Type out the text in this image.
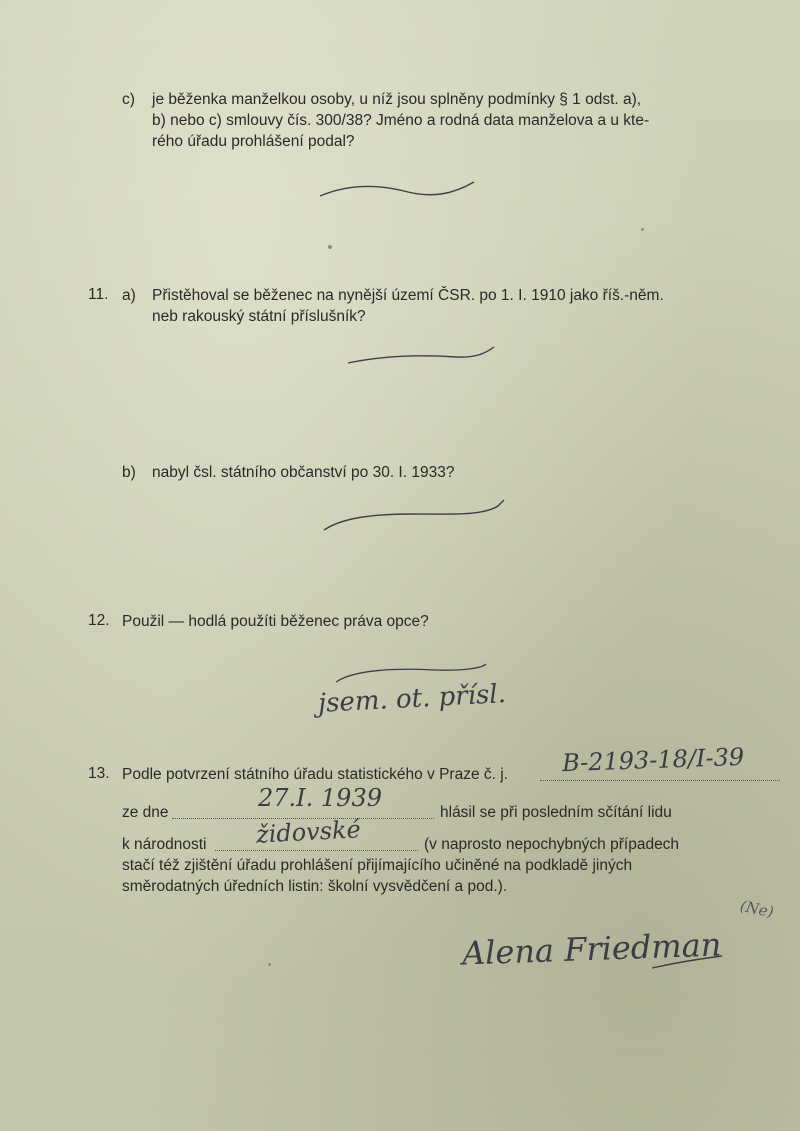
c) je běženka manželkou osoby, u níž jsou splněny podmínky § 1 odst. a),
b) nebo c) smlouvy čís. 300/38? Jméno a rodná data manželova a u kte-
rého úřadu prohlášení podal?
11. a) Přistěhoval se běženec na nynější území ČSR. po 1. I. 1910 jako říš.-něm.
neb rakouský státní příslušník?
b) nabyl čsl. státního občanství po 30. I. 1933?
12. Použil — hodlá použíti běženec práva opce?
jsem. ot. přísl.
13. Podle potvrzení státního úřadu statistického v Praze č. j. B-2193-18/I-39
ze dne
27.I. 1939
hlásil se při posledním sčítání lidu
k národnosti židovské	(v naprosto nepochybných případech
stačí též zjištění úřadu prohlášení přijímajícího učiněné na podkladě jiných
směrodatných úředních listin: školní vysvědčení a pod.).
(Ne)
Alena Friedman
